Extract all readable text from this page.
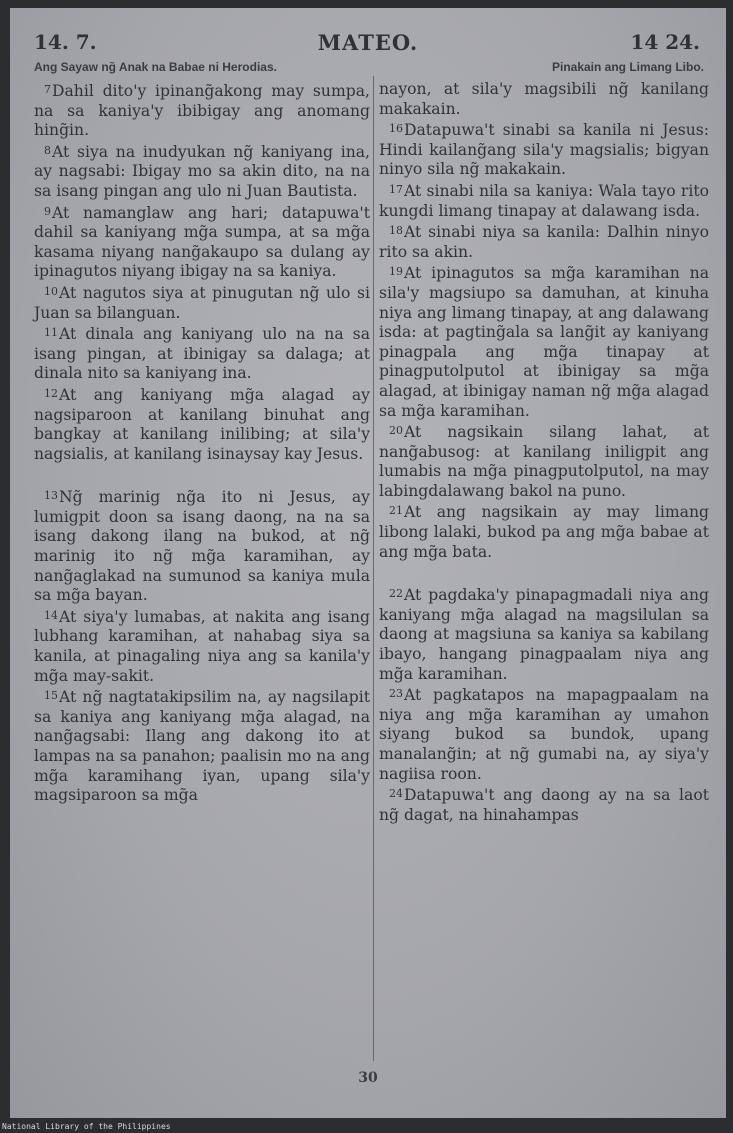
14. 7.	MATEO.	14 24.
Ang Sayaw ng̃ Anak na Babae ni Herodias.	Pinakain ang Limang Libo.

7Dahil dito'y ipinang̃akong may sumpa, na sa kaniya'y ibibigay ang anomang hing̃in.

8At siya na inudyukan ng̃ kaniyang ina, ay nagsabi: Ibigay mo sa akin dito, na na sa isang pingan ang ulo ni Juan Bautista.

9At namanglaw ang hari; datapuwa't dahil sa kaniyang mg̃a sumpa, at sa mg̃a kasama niyang nang̃akaupo sa dulang ay ipinagutos niyang ibigay na sa kaniya.

10At nagutos siya at pinugutan ng̃ ulo si Juan sa bilanguan.

11At dinala ang kaniyang ulo na na sa isang pingan, at ibinigay sa dalaga; at dinala nito sa kaniyang ina.

12At ang kaniyang mg̃a alagad ay nagsiparoon at kanilang binuhat ang bangkay at kanilang inilibing; at sila'y nagsialis, at kanilang isinaysay kay Jesus.

13Ng̃ marinig ng̃a ito ni Jesus, ay lumigpit doon sa isang daong, na na sa isang dakong ilang na bukod, at ng̃ marinig ito ng̃ mg̃a karamihan, ay nang̃aglakad na sumunod sa kaniya mula sa mg̃a bayan.

14At siya'y lumabas, at nakita ang isang lubhang karamihan, at nahabag siya sa kanila, at pinagaling niya ang sa kanila'y mg̃a may-sakit.

15At ng̃ nagtatakipsilim na, ay nagsilapit sa kaniya ang kaniyang mg̃a alagad, na nang̃agsabi: Ilang ang dakong ito at lampas na sa panahon; paalisin mo na ang mg̃a karamihang iyan, upang sila'y magsiparoon sa mg̃a

nayon, at sila'y magsibili ng̃ kanilang makakain.

16Datapuwa't sinabi sa kanila ni Jesus: Hindi kailang̃ang sila'y magsialis; bigyan ninyo sila ng̃ makakain.

17At sinabi nila sa kaniya: Wala tayo rito kungdi limang tinapay at dalawang isda.

18At sinabi niya sa kanila: Dalhin ninyo rito sa akin.

19At ipinagutos sa mg̃a karamihan na sila'y magsiupo sa damuhan, at kinuha niya ang limang tinapay, at ang dalawang isda: at pagting̃ala sa lang̃it ay kaniyang pinagpala ang mg̃a tinapay at pinagputolputol at ibinigay sa mg̃a alagad, at ibinigay naman ng̃ mg̃a alagad sa mg̃a karamihan.

20At nagsikain silang lahat, at nang̃abusog: at kanilang iniligpit ang lumabis na mg̃a pinagputolputol, na may labingdalawang bakol na puno.

21At ang nagsikain ay may limang libong lalaki, bukod pa ang mg̃a babae at ang mg̃a bata.

22At pagdaka'y pinapagmadali niya ang kaniyang mg̃a alagad na magsilulan sa daong at magsiuna sa kaniya sa kabilang ibayo, hangang pinagpaalam niya ang mg̃a karamihan.

23At pagkatapos na mapagpaalam na niya ang mg̃a karamihan ay umahon siyang bukod sa bundok, upang manalang̃in; at ng̃ gumabi na, ay siya'y nagiisa roon.

24Datapuwa't ang daong ay na sa laot ng̃ dagat, na hinahampas

30
National Library of the Philippines
